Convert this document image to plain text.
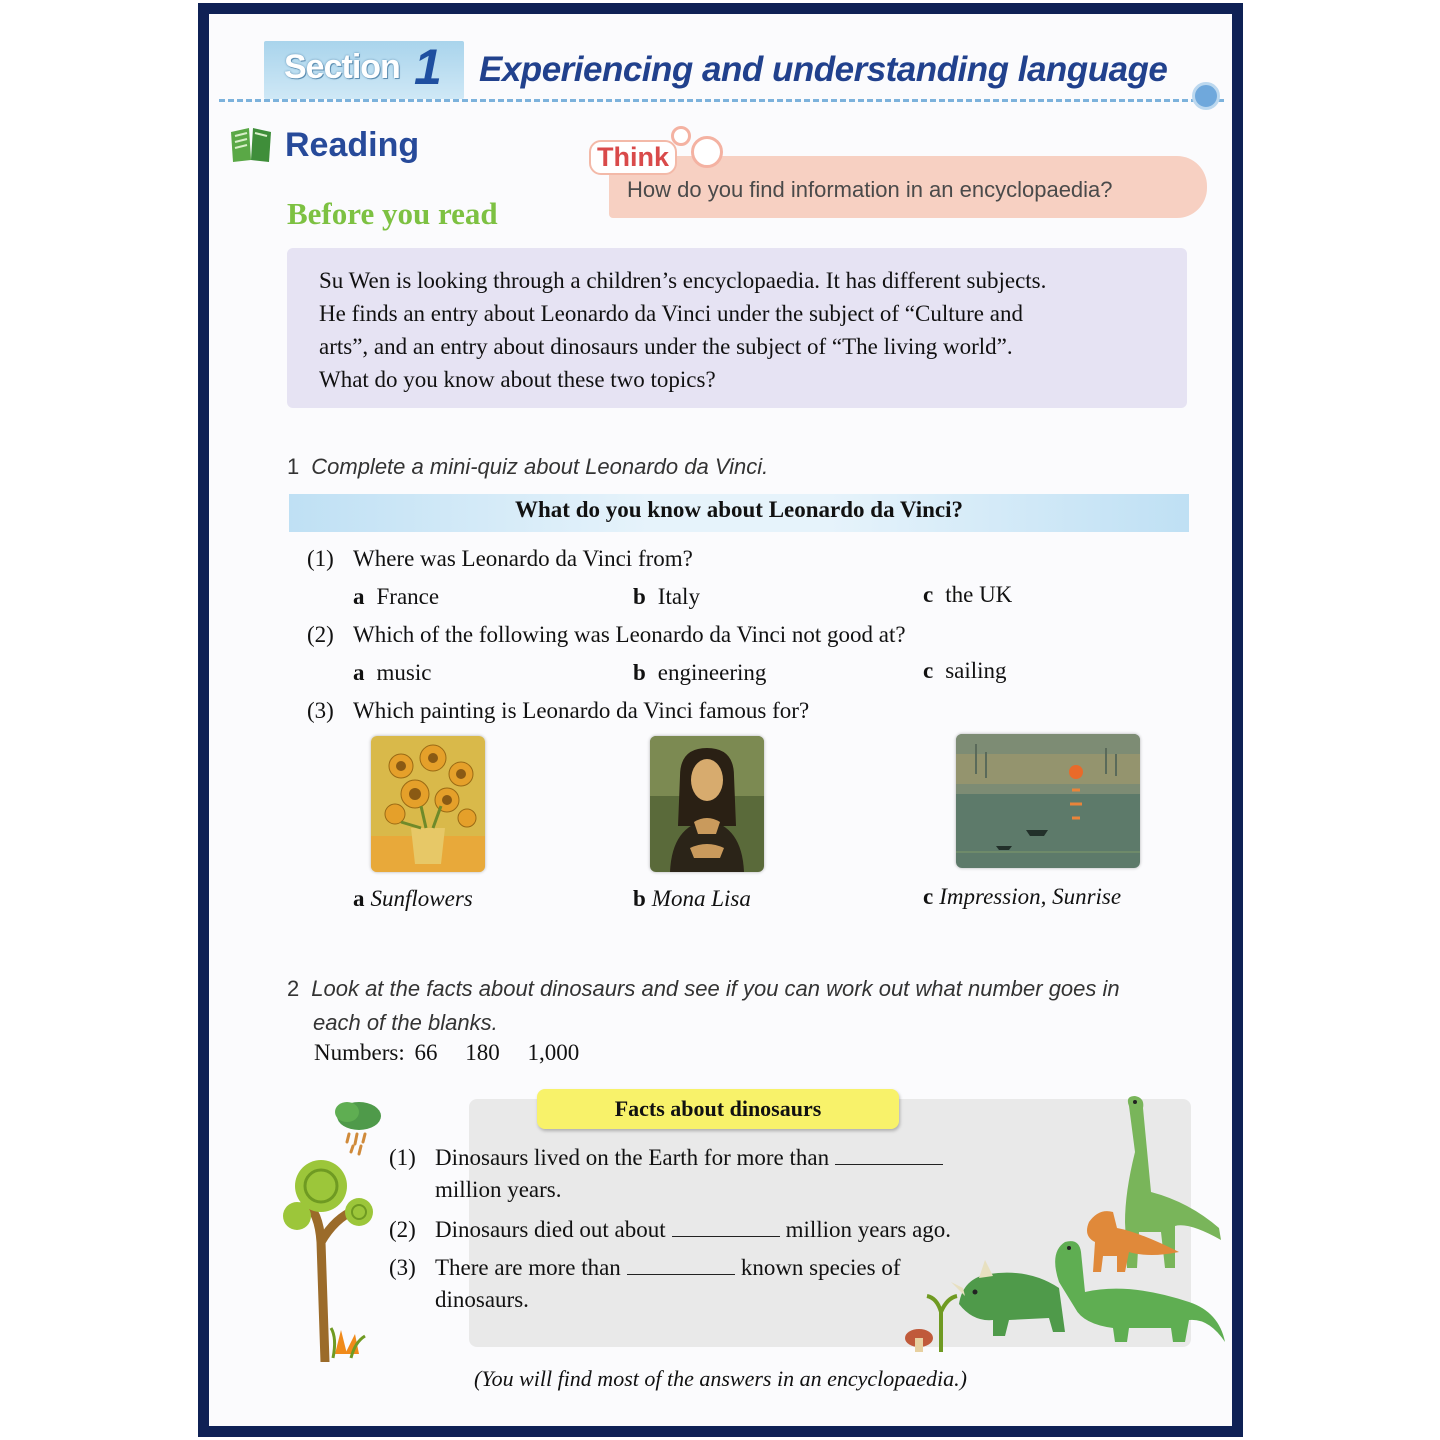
Section 1 Experiencing and understanding language
Reading	Think
How do you find information in an encyclopaedia?
Before you read
Su Wen is looking through a children’s encyclopaedia. It has different subjects.
He finds an entry about Leonardo da Vinci under the subject of “Culture and
arts”, and an entry about dinosaurs under the subject of “The living world”.
What do you know about these two topics?
1 Complete a mini-quiz about Leonardo da Vinci.
What do you know about Leonardo da Vinci?
(1) Where was Leonardo da Vinci from?
a France	b Italy	c the UK
(2) Which of the following was Leonardo da Vinci not good at?
a music	b engineering	c sailing
(3) Which painting is Leonardo da Vinci famous for?
a Sunflowers	b Mona Lisa	c Impression, Sunrise
2 Look at the facts about dinosaurs and see if you can work out what number goes in
each of the blanks.
Numbers: 66 180 1,000
Facts about dinosaurs
(1) Dinosaurs lived on the Earth for more than
million years.
(2) Dinosaurs died out about	million years ago.
(3) There are more than	known species of
dinosaurs.
(You will find most of the answers in an encyclopaedia.)
